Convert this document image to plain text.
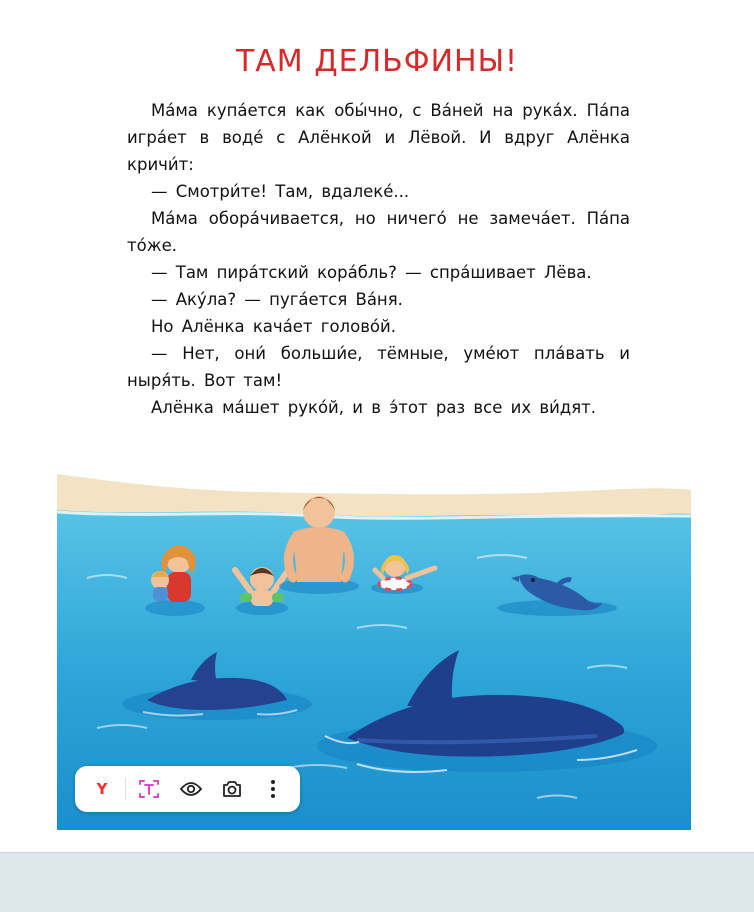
ТАМ ДЕЛЬФИНЫ!

Ма́ма купа́ется как обы́чно, с Ва́ней на рука́х. Па́па игра́ет в воде́ с Алёнкой и Лёвой. И вдруг Алёнка кричи́т:

— Смотри́те! Там, вдалеке́...

Ма́ма обора́чивается, но ничего́ не замеча́ет. Па́па то́же.

— Там пира́тский кора́бль? — спра́шивает Лёва.

— Аку́ла? — пуга́ется Ва́ня.

Но Алёнка кача́ет голово́й.

— Нет, они́ больши́е, тёмные, уме́ют пла́вать и ныря́ть. Вот там!

Алёнка ма́шет руко́й, и в э́тот раз все их ви́дят.

Y
